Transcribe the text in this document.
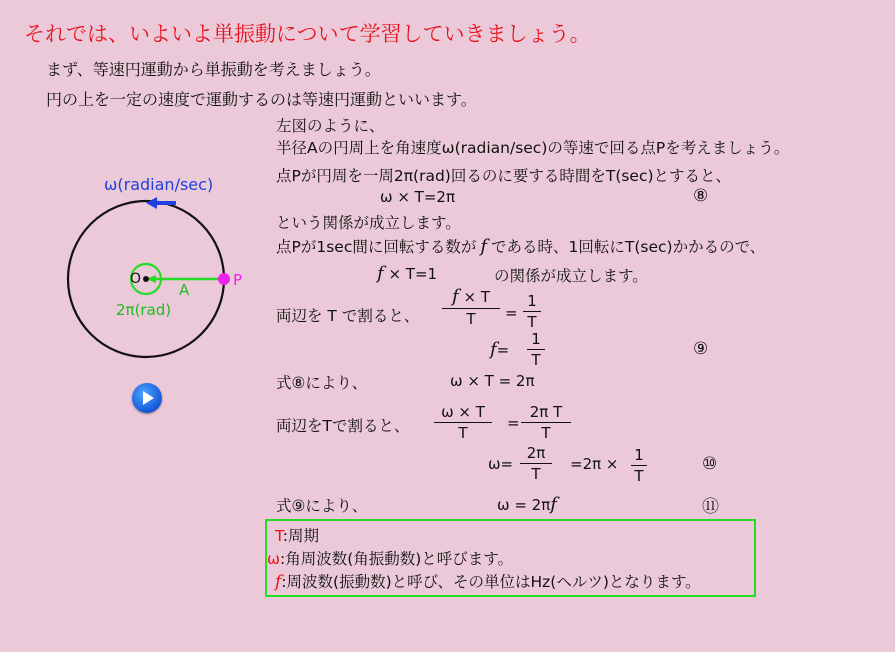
それでは、いよいよ単振動について学習していきましょう。
まず、等速円運動から単振動を考えましょう。
円の上を一定の速度で運動するのは等速円運動といいます。
ω(radian/sec)
O
A
P
2π(rad)
左図のように、
半径Aの円周上を角速度ω(radian/sec)の等速で回る点Pを考えましょう。
点Pが円周を一周2π(rad)回るのに要する時間をT(sec)とすると、
ω × T=2π	⑧
という関係が成立します。
点Pが1sec間に回転する数が f である時、1回転にT(sec)かかるので、
f × T=1	の関係が成立します。
両辺を T で割ると、 $\frac{f \times T}{T} = \frac{1}{T}$
$f= \frac{1}{T}$	⑨
式⑧により、	ω × T = 2π
両辺をTで割ると、 $\frac{\omega \times T}{T} = \frac{\text{2π T}}{T}$
$\omega= \frac{2\pi}{T} =2\pi \times \frac{1}{T}$	⑩
式⑨により、	ω = 2πf	⑪
T:周期
ω:角周波数(角振動数)と呼びます。
f:周波数(振動数)と呼び、その単位はHz(ヘルツ)となります。
